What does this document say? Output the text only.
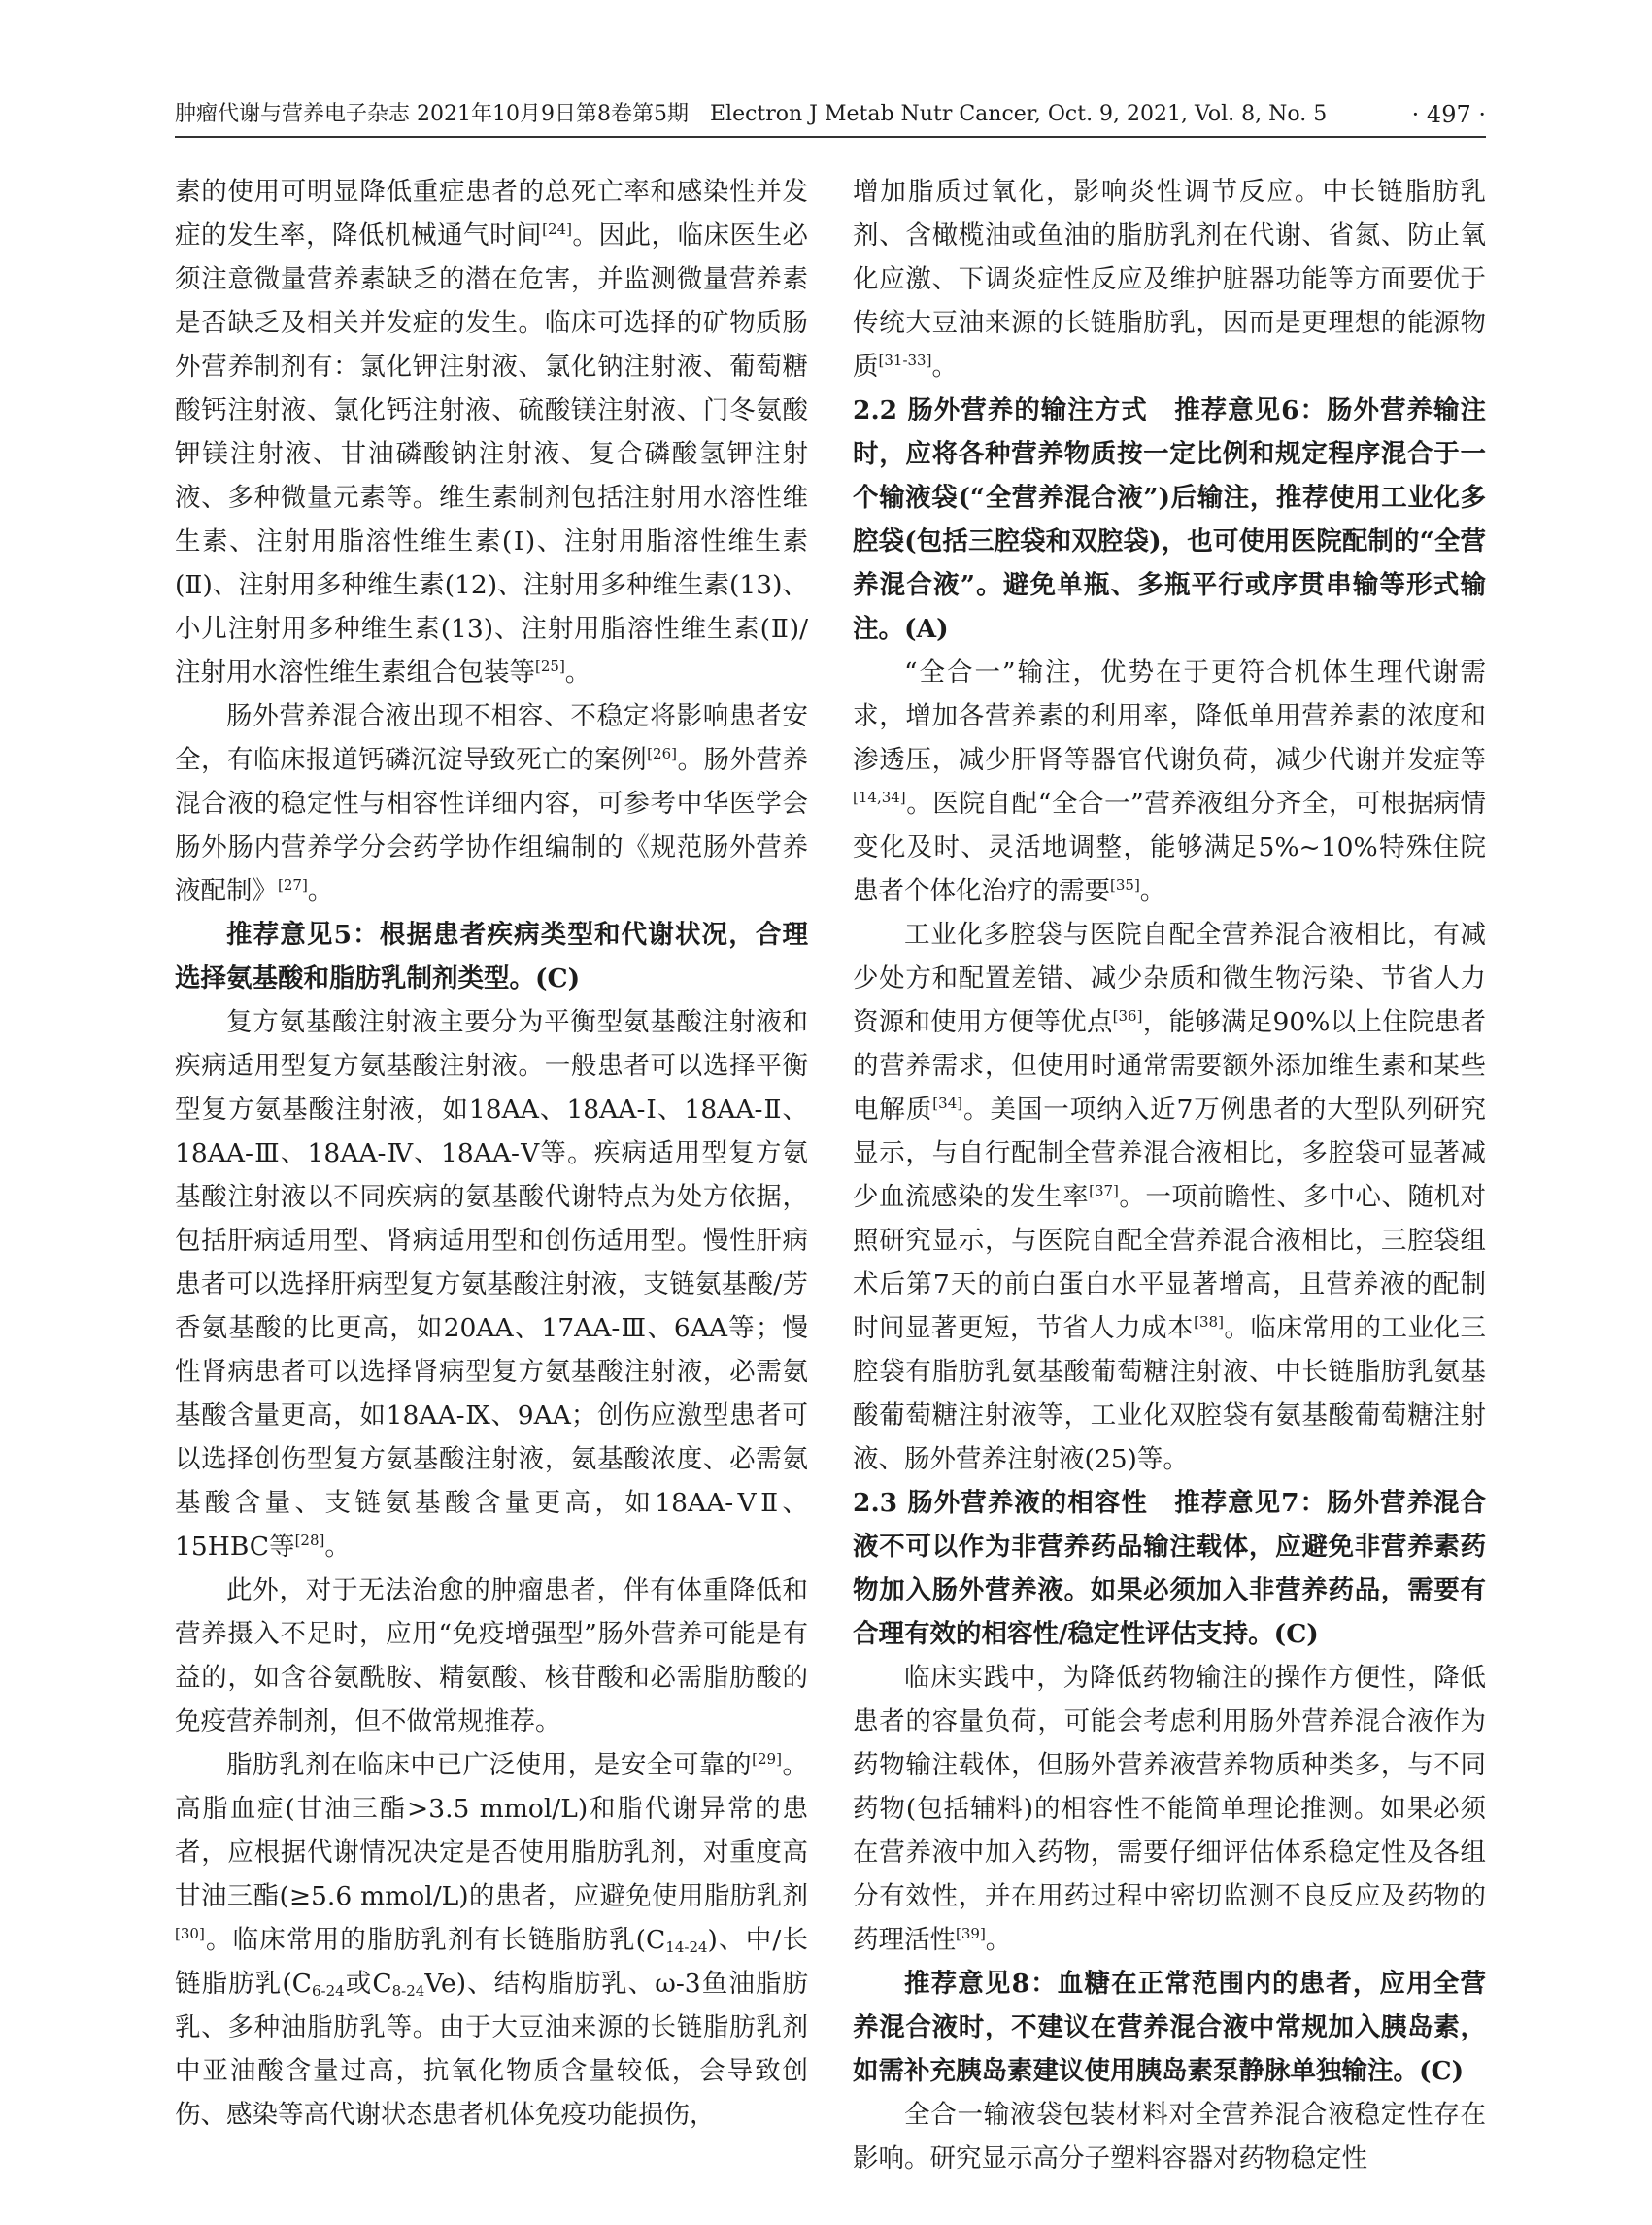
肿瘤代谢与营养电子杂志 2021年10月9日第8卷第5期　Electron J Metab Nutr Cancer, Oct. 9, 2021, Vol. 8, No. 5	· 497 ·

素的使用可明显降低重症患者的总死亡率和感染性并发症的发生率，降低机械通气时间[24]。因此，临床医生必须注意微量营养素缺乏的潜在危害，并监测微量营养素是否缺乏及相关并发症的发生。临床可选择的矿物质肠外营养制剂有：氯化钾注射液、氯化钠注射液、葡萄糖酸钙注射液、氯化钙注射液、硫酸镁注射液、门冬氨酸钾镁注射液、甘油磷酸钠注射液、复合磷酸氢钾注射液、多种微量元素等。维生素制剂包括注射用水溶性维生素、注射用脂溶性维生素(Ⅰ)、注射用脂溶性维生素(Ⅱ)、注射用多种维生素(12)、注射用多种维生素(13)、小儿注射用多种维生素(13)、注射用脂溶性维生素(Ⅱ)/注射用水溶性维生素组合包装等[25]。

肠外营养混合液出现不相容、不稳定将影响患者安全，有临床报道钙磷沉淀导致死亡的案例[26]。肠外营养混合液的稳定性与相容性详细内容，可参考中华医学会肠外肠内营养学分会药学协作组编制的《规范肠外营养液配制》[27]。

推荐意见5：根据患者疾病类型和代谢状况，合理选择氨基酸和脂肪乳制剂类型。(C)

复方氨基酸注射液主要分为平衡型氨基酸注射液和疾病适用型复方氨基酸注射液。一般患者可以选择平衡型复方氨基酸注射液，如18AA、18AA-Ⅰ、18AA-Ⅱ、18AA-Ⅲ、18AA-Ⅳ、18AA-Ⅴ等。疾病适用型复方氨基酸注射液以不同疾病的氨基酸代谢特点为处方依据，包括肝病适用型、肾病适用型和创伤适用型。慢性肝病患者可以选择肝病型复方氨基酸注射液，支链氨基酸/芳香氨基酸的比更高，如20AA、17AA-Ⅲ、6AA等；慢性肾病患者可以选择肾病型复方氨基酸注射液，必需氨基酸含量更高，如18AA-Ⅸ、9AA；创伤应激型患者可以选择创伤型复方氨基酸注射液，氨基酸浓度、必需氨基酸含量、支链氨基酸含量更高，如18AA-ⅤⅡ、15HBC等[28]。

此外，对于无法治愈的肿瘤患者，伴有体重降低和营养摄入不足时，应用“免疫增强型”肠外营养可能是有益的，如含谷氨酰胺、精氨酸、核苷酸和必需脂肪酸的免疫营养制剂，但不做常规推荐。

脂肪乳剂在临床中已广泛使用，是安全可靠的[29]。高脂血症(甘油三酯>3.5 mmol/L)和脂代谢异常的患者，应根据代谢情况决定是否使用脂肪乳剂，对重度高甘油三酯(≥5.6 mmol/L)的患者，应避免使用脂肪乳剂[30]。临床常用的脂肪乳剂有长链脂肪乳$(C_{14-24})$、中/长链脂肪乳($C_{6-24}$或$C_{8-24}Ve$)、结构脂肪乳、ω-3鱼油脂肪乳、多种油脂肪乳等。由于大豆油来源的长链脂肪乳剂中亚油酸含量过高，抗氧化物质含量较低，会导致创伤、感染等高代谢状态患者机体免疫功能损伤，

增加脂质过氧化，影响炎性调节反应。中长链脂肪乳剂、含橄榄油或鱼油的脂肪乳剂在代谢、省氮、防止氧化应激、下调炎症性反应及维护脏器功能等方面要优于传统大豆油来源的长链脂肪乳，因而是更理想的能源物质[31-33]。

2.2 肠外营养的输注方式　推荐意见6：肠外营养输注时，应将各种营养物质按一定比例和规定程序混合于一个输液袋(“全营养混合液”)后输注，推荐使用工业化多腔袋(包括三腔袋和双腔袋)，也可使用医院配制的“全营养混合液”。避免单瓶、多瓶平行或序贯串输等形式输注。(A)

“全合一”输注，优势在于更符合机体生理代谢需求，增加各营养素的利用率，降低单用营养素的浓度和渗透压，减少肝肾等器官代谢负荷，减少代谢并发症等[14,34]。医院自配“全合一”营养液组分齐全，可根据病情变化及时、灵活地调整，能够满足5%~10%特殊住院患者个体化治疗的需要[35]。

工业化多腔袋与医院自配全营养混合液相比，有减少处方和配置差错、减少杂质和微生物污染、节省人力资源和使用方便等优点[36]，能够满足90%以上住院患者的营养需求，但使用时通常需要额外添加维生素和某些电解质[34]。美国一项纳入近7万例患者的大型队列研究显示，与自行配制全营养混合液相比，多腔袋可显著减少血流感染的发生率[37]。一项前瞻性、多中心、随机对照研究显示，与医院自配全营养混合液相比，三腔袋组术后第7天的前白蛋白水平显著增高，且营养液的配制时间显著更短，节省人力成本[38]。临床常用的工业化三腔袋有脂肪乳氨基酸葡萄糖注射液、中长链脂肪乳氨基酸葡萄糖注射液等，工业化双腔袋有氨基酸葡萄糖注射液、肠外营养注射液(25)等。

2.3 肠外营养液的相容性　推荐意见7：肠外营养混合液不可以作为非营养药品输注载体，应避免非营养素药物加入肠外营养液。如果必须加入非营养药品，需要有合理有效的相容性/稳定性评估支持。(C)

临床实践中，为降低药物输注的操作方便性，降低患者的容量负荷，可能会考虑利用肠外营养混合液作为药物输注载体，但肠外营养液营养物质种类多，与不同药物(包括辅料)的相容性不能简单理论推测。如果必须在营养液中加入药物，需要仔细评估体系稳定性及各组分有效性，并在用药过程中密切监测不良反应及药物的药理活性[39]。

推荐意见8：血糖在正常范围内的患者，应用全营养混合液时，不建议在营养混合液中常规加入胰岛素，如需补充胰岛素建议使用胰岛素泵静脉单独输注。(C)

全合一输液袋包装材料对全营养混合液稳定性存在影响。研究显示高分子塑料容器对药物稳定性
